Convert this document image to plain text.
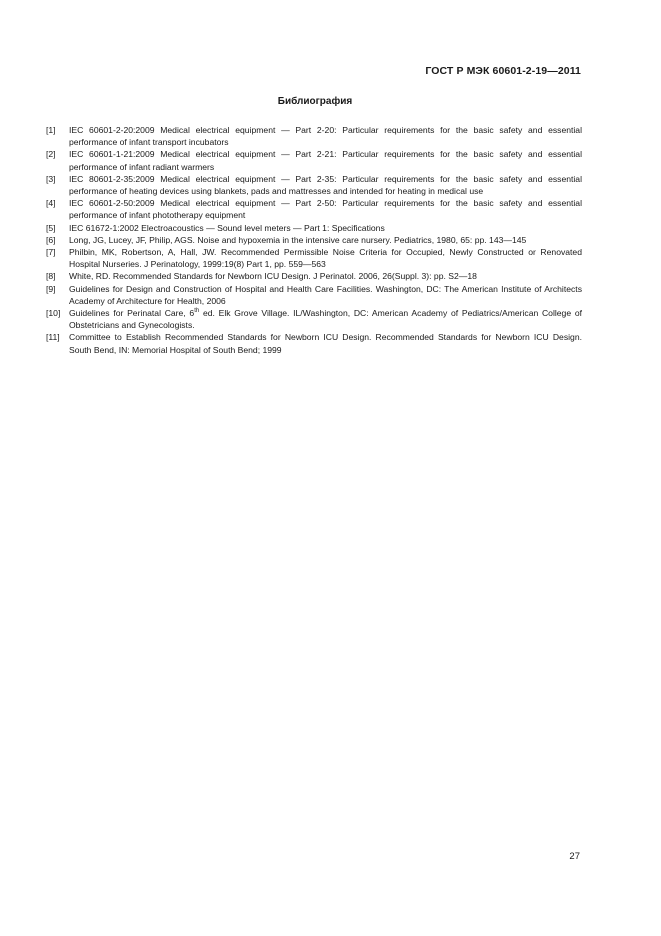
ГОСТ Р МЭК 60601-2-19—2011
Библиография
[1]	IEC 60601-2-20:2009 Medical electrical equipment — Part 2-20: Particular requirements for the basic safety and essential performance of infant transport incubators
[2]	IEC 60601-1-21:2009 Medical electrical equipment — Part 2-21: Particular requirements for the basic safety and essential performance of infant radiant warmers
[3]	IEC 80601-2-35:2009 Medical electrical equipment — Part 2-35: Particular requirements for the basic safety and essential performance of heating devices using blankets, pads and mattresses and intended for heating in medical use
[4]	IEC 60601-2-50:2009 Medical electrical equipment — Part 2-50: Particular requirements for the basic safety and essential performance of infant phototherapy equipment
[5]	IEC 61672-1:2002 Electroacoustics — Sound level meters — Part 1: Specifications
[6]	Long, JG, Lucey, JF, Philip, AGS. Noise and hypoxemia in the intensive care nursery. Pediatrics, 1980, 65: pp. 143—145
[7]	Philbin, MK, Robertson, A, Hall, JW. Recommended Permissible Noise Criteria for Occupied, Newly Constructed or Renovated Hospital Nurseries. J Perinatology, 1999:19(8) Part 1, pp. 559—563
[8]	White, RD. Recommended Standards for Newborn ICU Design. J Perinatol. 2006, 26(Suppl. 3): pp. S2—18
[9]	Guidelines for Design and Construction of Hospital and Health Care Facilities. Washington, DC: The American Institute of Architects Academy of Architecture for Health, 2006
[10]	Guidelines for Perinatal Care, 6th ed. Elk Grove Village. IL/Washington, DC: American Academy of Pediatrics/American College of Obstetricians and Gynecologists.
[11]	Committee to Establish Recommended Standards for Newborn ICU Design. Recommended Standards for Newborn ICU Design. South Bend, IN: Memorial Hospital of South Bend; 1999
27
